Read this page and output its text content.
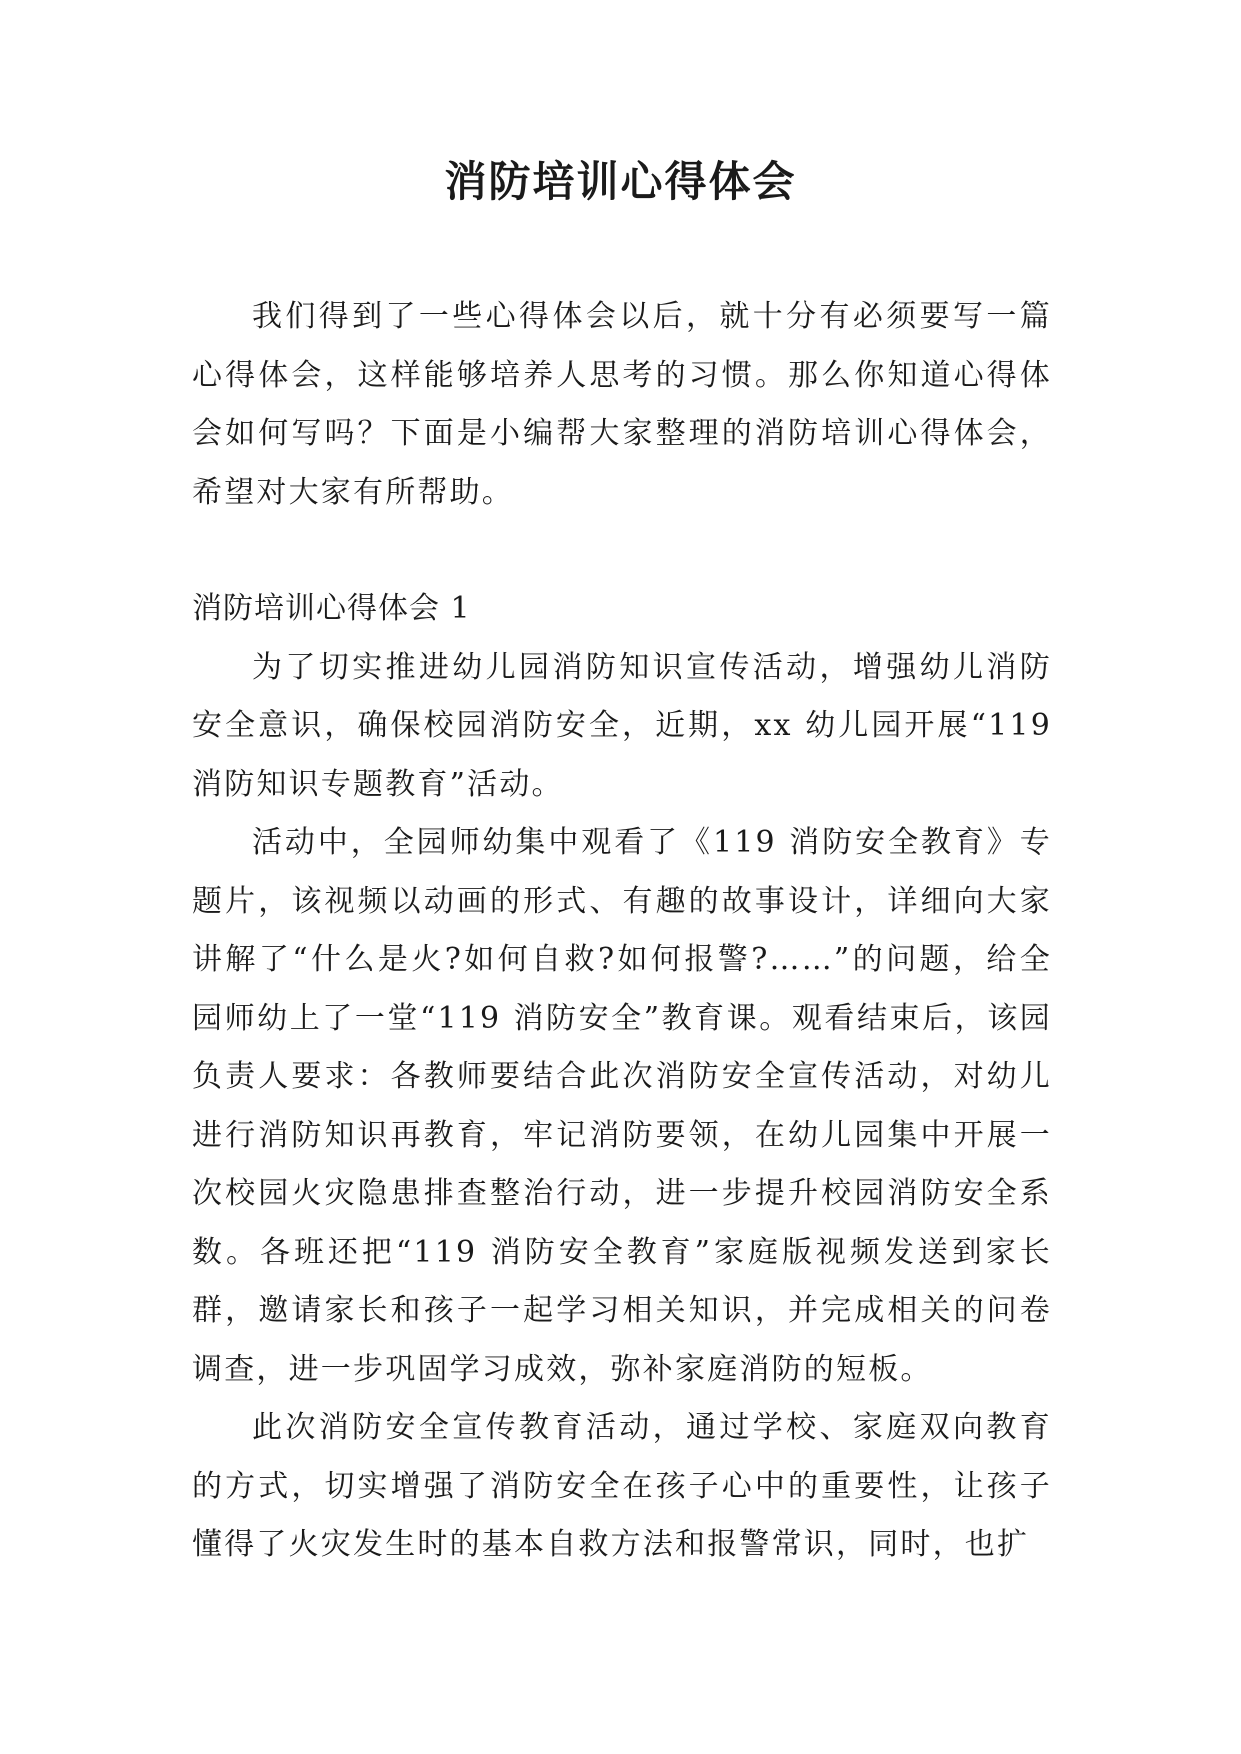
消防培训心得体会

我们得到了一些心得体会以后，就十分有必须要写一篇心得体会，这样能够培养人思考的习惯。那么你知道心得体会如何写吗？下面是小编帮大家整理的消防培训心得体会，希望对大家有所帮助。

消防培训心得体会 1

为了切实推进幼儿园消防知识宣传活动，增强幼儿消防安全意识，确保校园消防安全，近期，xx 幼儿园开展“119 消防知识专题教育”活动。

活动中，全园师幼集中观看了《119 消防安全教育》专题片，该视频以动画的形式、有趣的故事设计，详细向大家讲解了“什么是火?如何自救?如何报警?……”的问题，给全园师幼上了一堂“119 消防安全”教育课。观看结束后，该园负责人要求：各教师要结合此次消防安全宣传活动，对幼儿进行消防知识再教育，牢记消防要领，在幼儿园集中开展一次校园火灾隐患排查整治行动，进一步提升校园消防安全系数。各班还把“119 消防安全教育”家庭版视频发送到家长群，邀请家长和孩子一起学习相关知识，并完成相关的问卷调查，进一步巩固学习成效，弥补家庭消防的短板。

此次消防安全宣传教育活动，通过学校、家庭双向教育的方式，切实增强了消防安全在孩子心中的重要性，让孩子懂得了火灾发生时的基本自救方法和报警常识，同时，也扩
